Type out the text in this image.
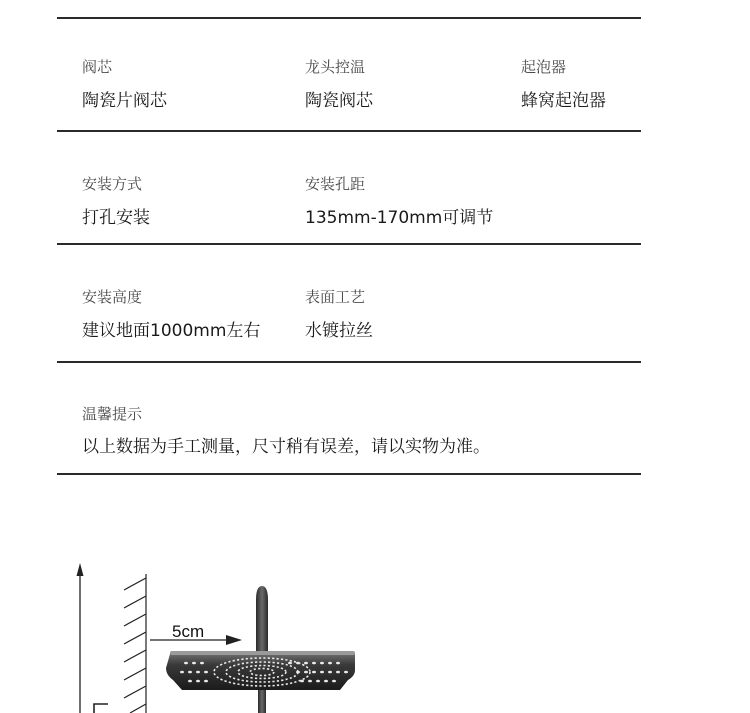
阀芯
陶瓷片阀芯
龙头控温
陶瓷阀芯
起泡器
蜂窝起泡器
安装方式
打孔安装
安装孔距
135mm-170mm可调节
安装高度
建议地面1000mm左右
表面工艺
水镀拉丝
温馨提示
以上数据为手工测量，尺寸稍有误差，请以实物为准。
5cm
